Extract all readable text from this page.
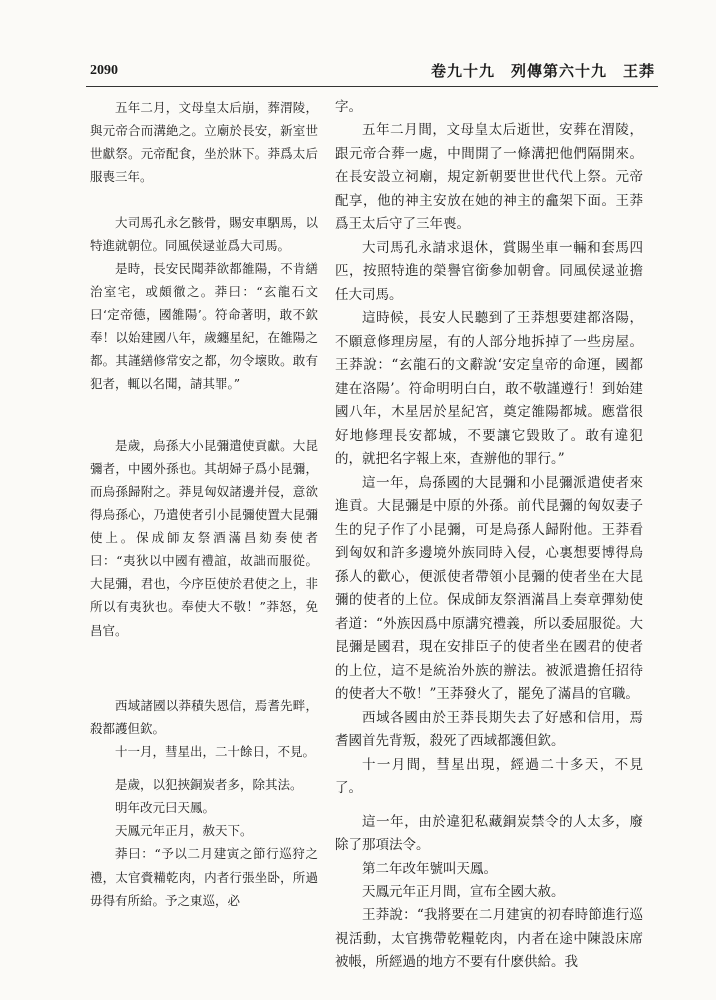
2090	卷九十九　列傳第六十九　王莽

五年二月，文母皇太后崩，葬渭陵，與元帝合而溝絶之。立廟於長安，新室世世獻祭。元帝配食，坐於牀下。莽爲太后服喪三年。

大司馬孔永乞骸骨，賜安車駟馬，以特進就朝位。同風侯逯並爲大司馬。

是時，長安民聞莽欲都雒陽，不肯繕治室宅，或頗徹之。莽曰：“玄龍石文曰‘定帝德，國雒陽’。符命著明，敢不欽奉！以始建國八年，歲纏星紀，在雒陽之都。其謹繕修常安之都，勿令壞敗。敢有犯者，輒以名聞，請其罪。”

是歲，烏孫大小昆彌遣使貢獻。大昆彌者，中國外孫也。其胡婦子爲小昆彌，而烏孫歸附之。莽見匈奴諸邊并侵，意欲得烏孫心，乃遣使者引小昆彌使置大昆彌使上。保成師友祭酒滿昌劾奏使者曰：“夷狄以中國有禮誼，故詘而服從。大昆彌，君也，今序臣使於君使之上，非所以有夷狄也。奉使大不敬！”莽怒，免昌官。

西域諸國以莽積失恩信，焉耆先畔，殺都護但欽。

十一月，彗星出，二十餘日，不見。

是歲，以犯挾銅炭者多，除其法。

明年改元曰天鳳。

天鳳元年正月，赦天下。

莽曰：“予以二月建寅之節行巡狩之禮，太官賫糒乾肉，内者行張坐卧，所過毋得有所給。予之東巡，必

字。

五年二月間，文母皇太后逝世，安葬在渭陵，跟元帝合葬一處，中間開了一條溝把他們隔開來。在長安設立祠廟，規定新朝要世世代代上祭。元帝配享，他的神主安放在她的神主的龕架下面。王莽爲王太后守了三年喪。

大司馬孔永請求退休，賞賜坐車一輛和套馬四匹，按照特進的榮譽官銜參加朝會。同風侯逯並擔任大司馬。

這時候，長安人民聽到了王莽想要建都洛陽，不願意修理房屋，有的人部分地拆掉了一些房屋。王莽說：“玄龍石的文辭說‘安定皇帝的命運，國都建在洛陽’。符命明明白白，敢不敬謹遵行！到始建國八年，木星居於星紀宮，奠定雒陽都城。應當很好地修理長安都城，不要讓它毀敗了。敢有違犯的，就把名字報上來，查辦他的罪行。”

這一年，烏孫國的大昆彌和小昆彌派遣使者來進貢。大昆彌是中原的外孫。前代昆彌的匈奴妻子生的兒子作了小昆彌，可是烏孫人歸附他。王莽看到匈奴和許多邊境外族同時入侵，心裏想要博得烏孫人的歡心，便派使者帶領小昆彌的使者坐在大昆彌的使者的上位。保成師友祭酒滿昌上奏章彈劾使者道：“外族因爲中原講究禮義，所以委屈服從。大昆彌是國君，現在安排臣子的使者坐在國君的使者的上位，這不是統治外族的辦法。被派遣擔任招待的使者大不敬！”王莽發火了，罷免了滿昌的官職。

西域各國由於王莽長期失去了好感和信用，焉耆國首先背叛，殺死了西域都護但欽。

十一月間，彗星出現，經過二十多天，不見了。

這一年，由於違犯私藏銅炭禁令的人太多，廢除了那項法令。

第二年改年號叫天鳳。

天鳳元年正月間，宣布全國大赦。

王莽說：“我將要在二月建寅的初春時節進行巡視活動，太官携帶乾糧乾肉，内者在途中陳設床席被帳，所經過的地方不要有什麽供給。我
